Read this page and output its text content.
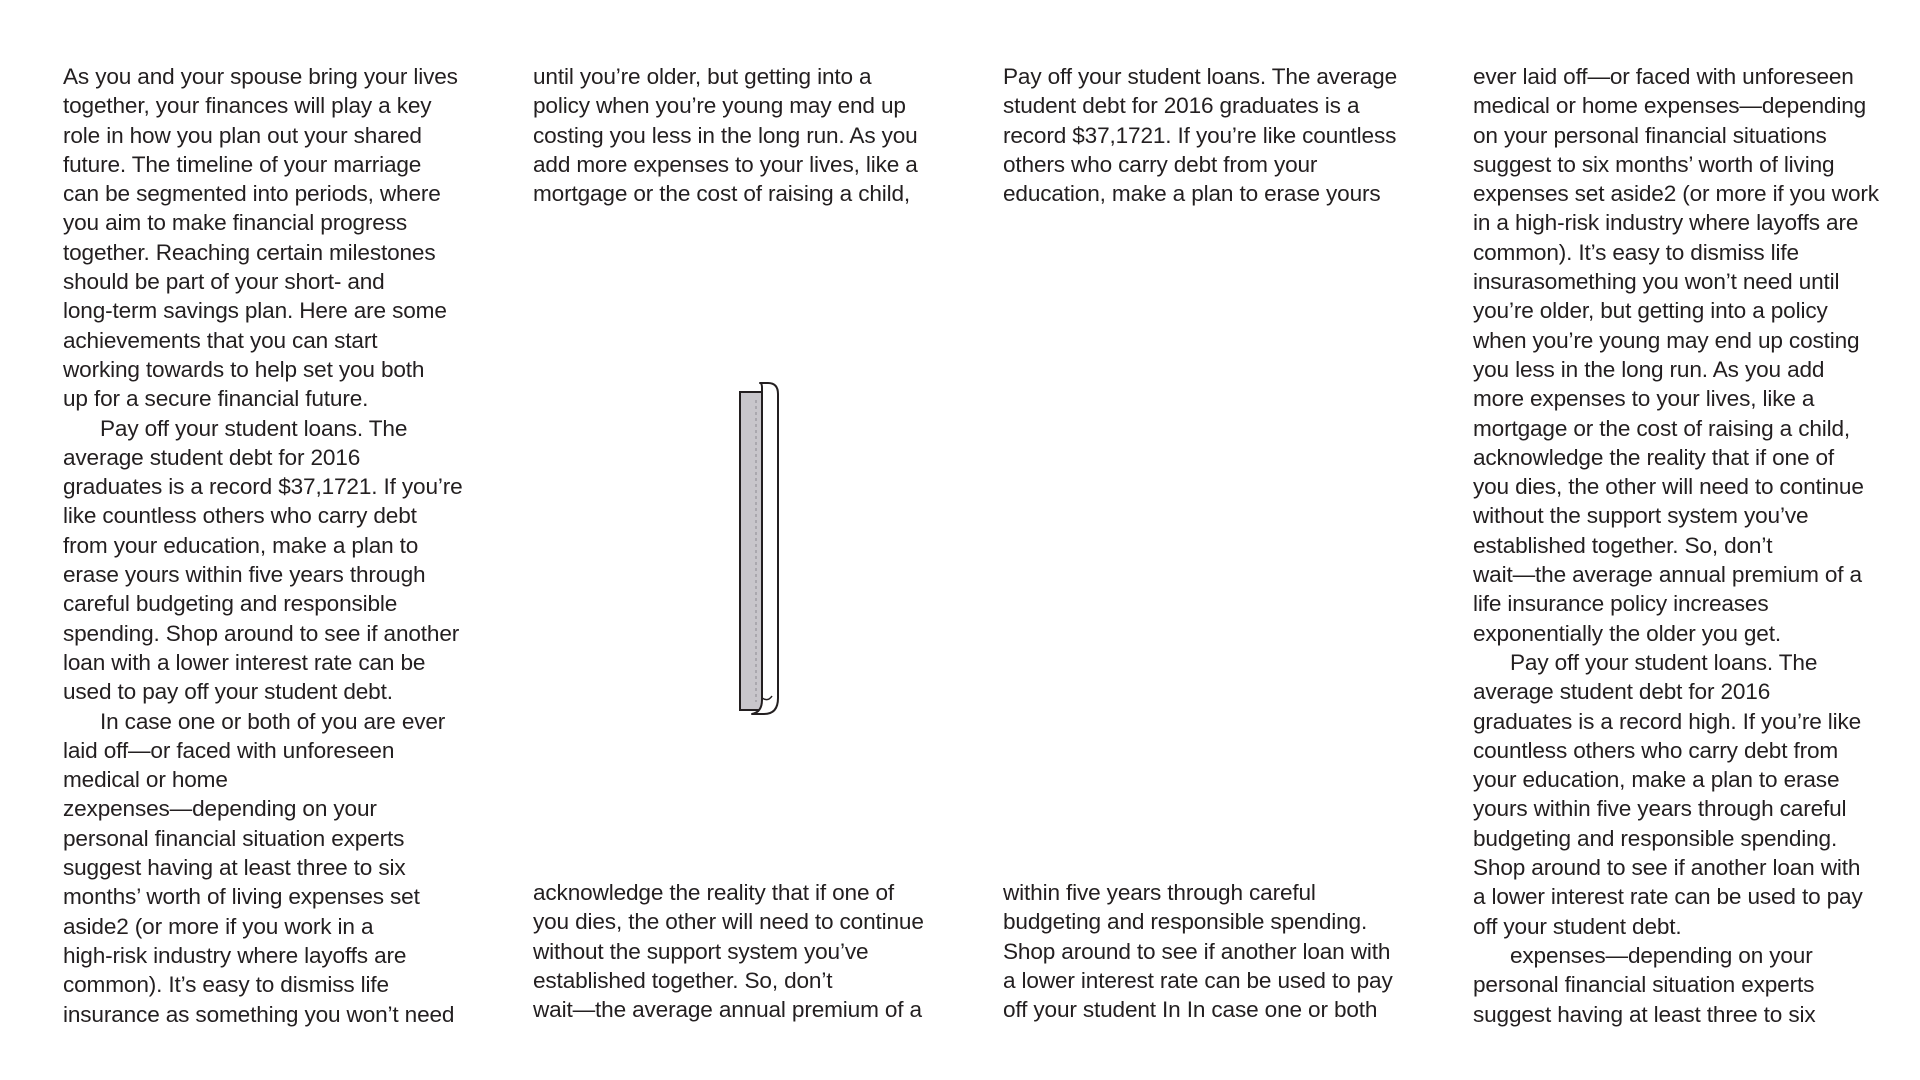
As you and your spouse bring your lives
together, your finances will play a key
role in how you plan out your shared
future. The timeline of your marriage
can be segmented into periods, where
you aim to make financial progress
together. Reaching certain milestones
should be part of your short- and
long-term savings plan. Here are some
achievements that you can start
working towards to help set you both
up for a secure financial future.
Pay off your student loans. The
average student debt for 2016
graduates is a record $37,1721. If you’re
like countless others who carry debt
from your education, make a plan to
erase yours within five years through
careful budgeting and responsible
spending. Shop around to see if another
loan with a lower interest rate can be
used to pay off your student debt.
In case one or both of you are ever
laid off—or faced with unforeseen
medical or home
zexpenses—depending on your
personal financial situation experts
suggest having at least three to six
months’ worth of living expenses set
aside2 (or more if you work in a
high-risk industry where layoffs are
common). It’s easy to dismiss life
insurance as something you won’t need
until you’re older, but getting into a
policy when you’re young may end up
costing you less in the long run. As you
add more expenses to your lives, like a
mortgage or the cost of raising a child,
acknowledge the reality that if one of
you dies, the other will need to continue
without the support system you’ve
established together. So, don’t
wait—the average annual premium of a
Pay off your student loans. The average
student debt for 2016 graduates is a
record $37,1721. If you’re like countless
others who carry debt from your
education, make a plan to erase yours
within five years through careful
budgeting and responsible spending.
Shop around to see if another loan with
a lower interest rate can be used to pay
off your student In In case one or both
ever laid off—or faced with unforeseen
medical or home expenses—depending
on your personal financial situations
suggest to six months’ worth of living
expenses set aside2 (or more if you work
in a high-risk industry where layoffs are
common). It’s easy to dismiss life
insurasomething you won’t need until
you’re older, but getting into a policy
when you’re young may end up costing
you less in the long run. As you add
more expenses to your lives, like a
mortgage or the cost of raising a child,
acknowledge the reality that if one of
you dies, the other will need to continue
without the support system you’ve
established together. So, don’t
wait—the average annual premium of a
life insurance policy increases
exponentially the older you get.
Pay off your student loans. The
average student debt for 2016
graduates is a record high. If you’re like
countless others who carry debt from
your education, make a plan to erase
yours within five years through careful
budgeting and responsible spending.
Shop around to see if another loan with
a lower interest rate can be used to pay
off your student debt.
expenses—depending on your
personal financial situation experts
suggest having at least three to six
